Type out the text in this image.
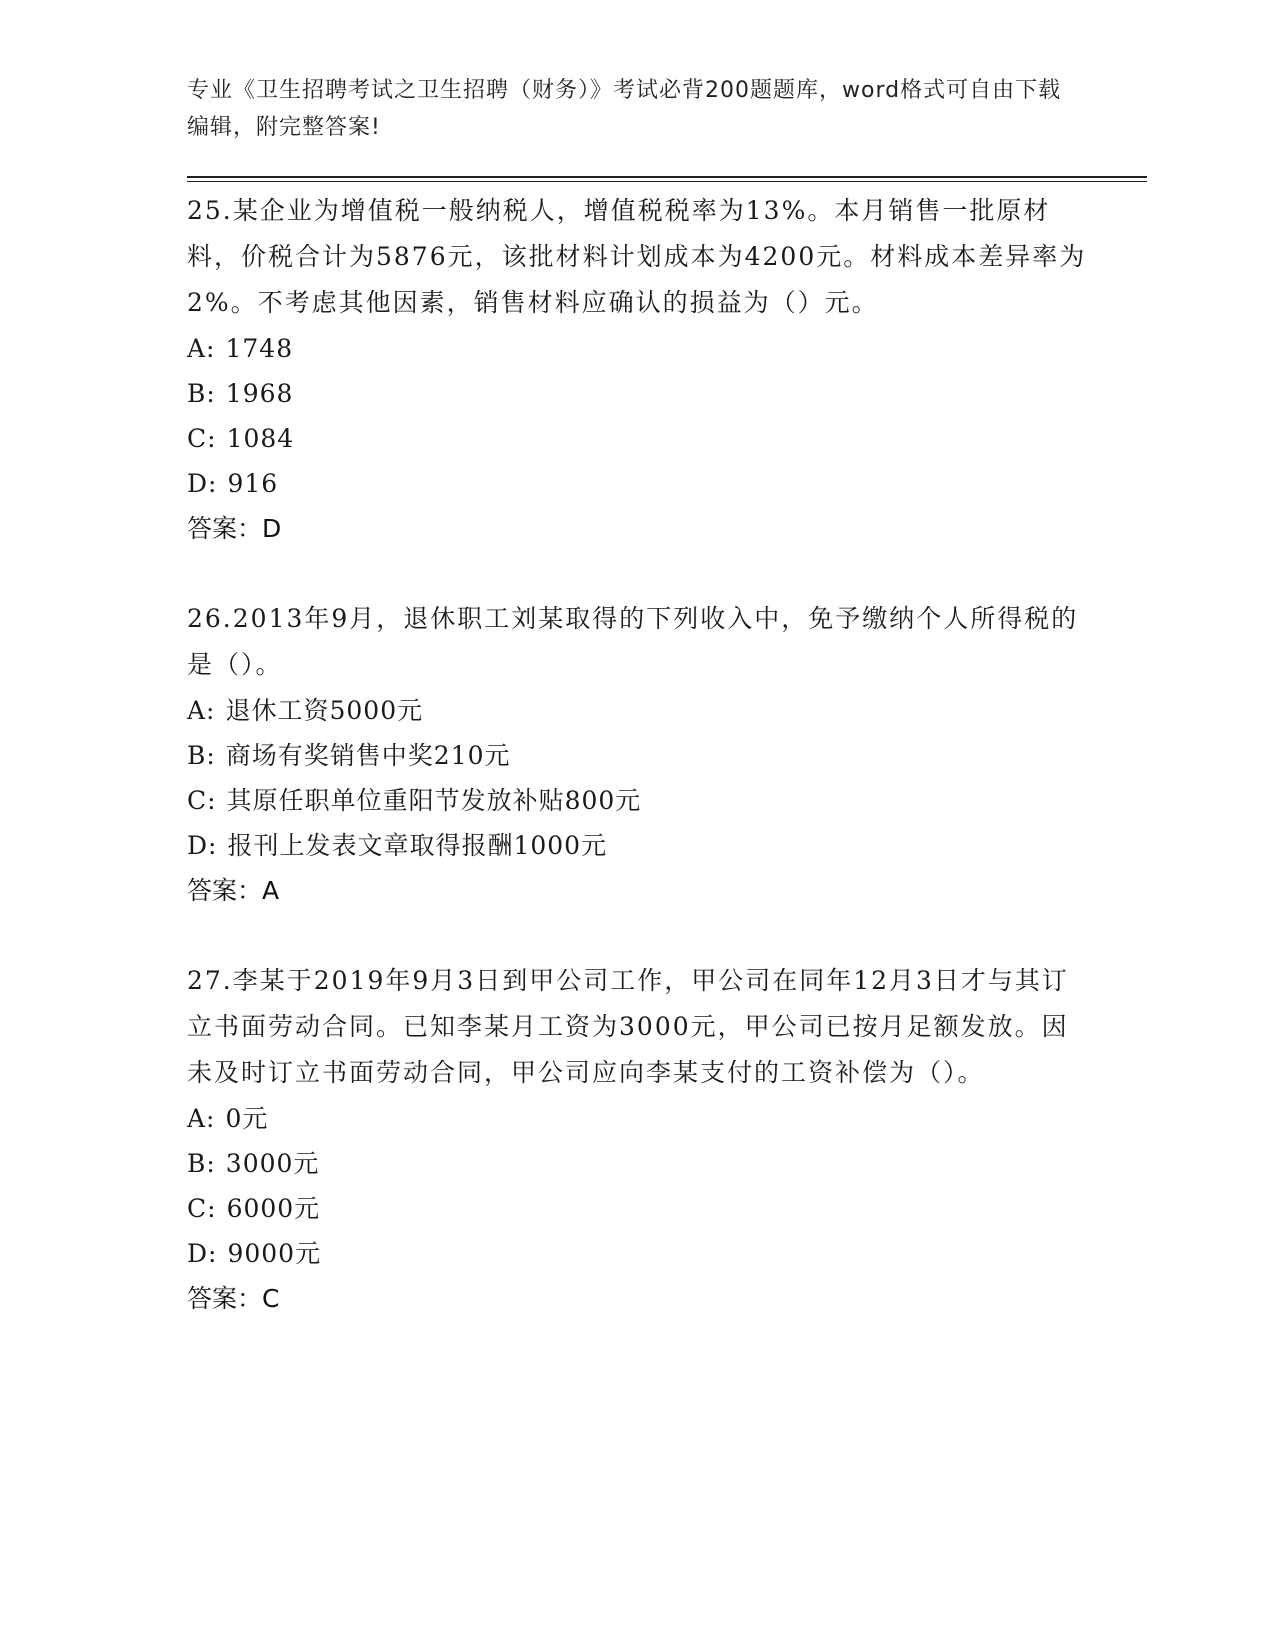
专业《卫生招聘考试之卫生招聘（财务）》考试必背200题题库，word格式可自由下载编辑，附完整答案!
25.某企业为增值税一般纳税人，增值税税率为13%。本月销售一批原材料，价税合计为5876元，该批材料计划成本为4200元。材料成本差异率为2%。不考虑其他因素，销售材料应确认的损益为（）元。
A: 1748
B: 1968
C: 1084
D: 916
答案：D
26.2013年9月，退休职工刘某取得的下列收入中，免予缴纳个人所得税的是（）。
A: 退休工资5000元
B: 商场有奖销售中奖210元
C: 其原任职单位重阳节发放补贴800元
D: 报刊上发表文章取得报酬1000元
答案：A
27.李某于2019年9月3日到甲公司工作，甲公司在同年12月3日才与其订立书面劳动合同。已知李某月工资为3000元，甲公司已按月足额发放。因未及时订立书面劳动合同，甲公司应向李某支付的工资补偿为（）。
A: 0元
B: 3000元
C: 6000元
D: 9000元
答案：C
